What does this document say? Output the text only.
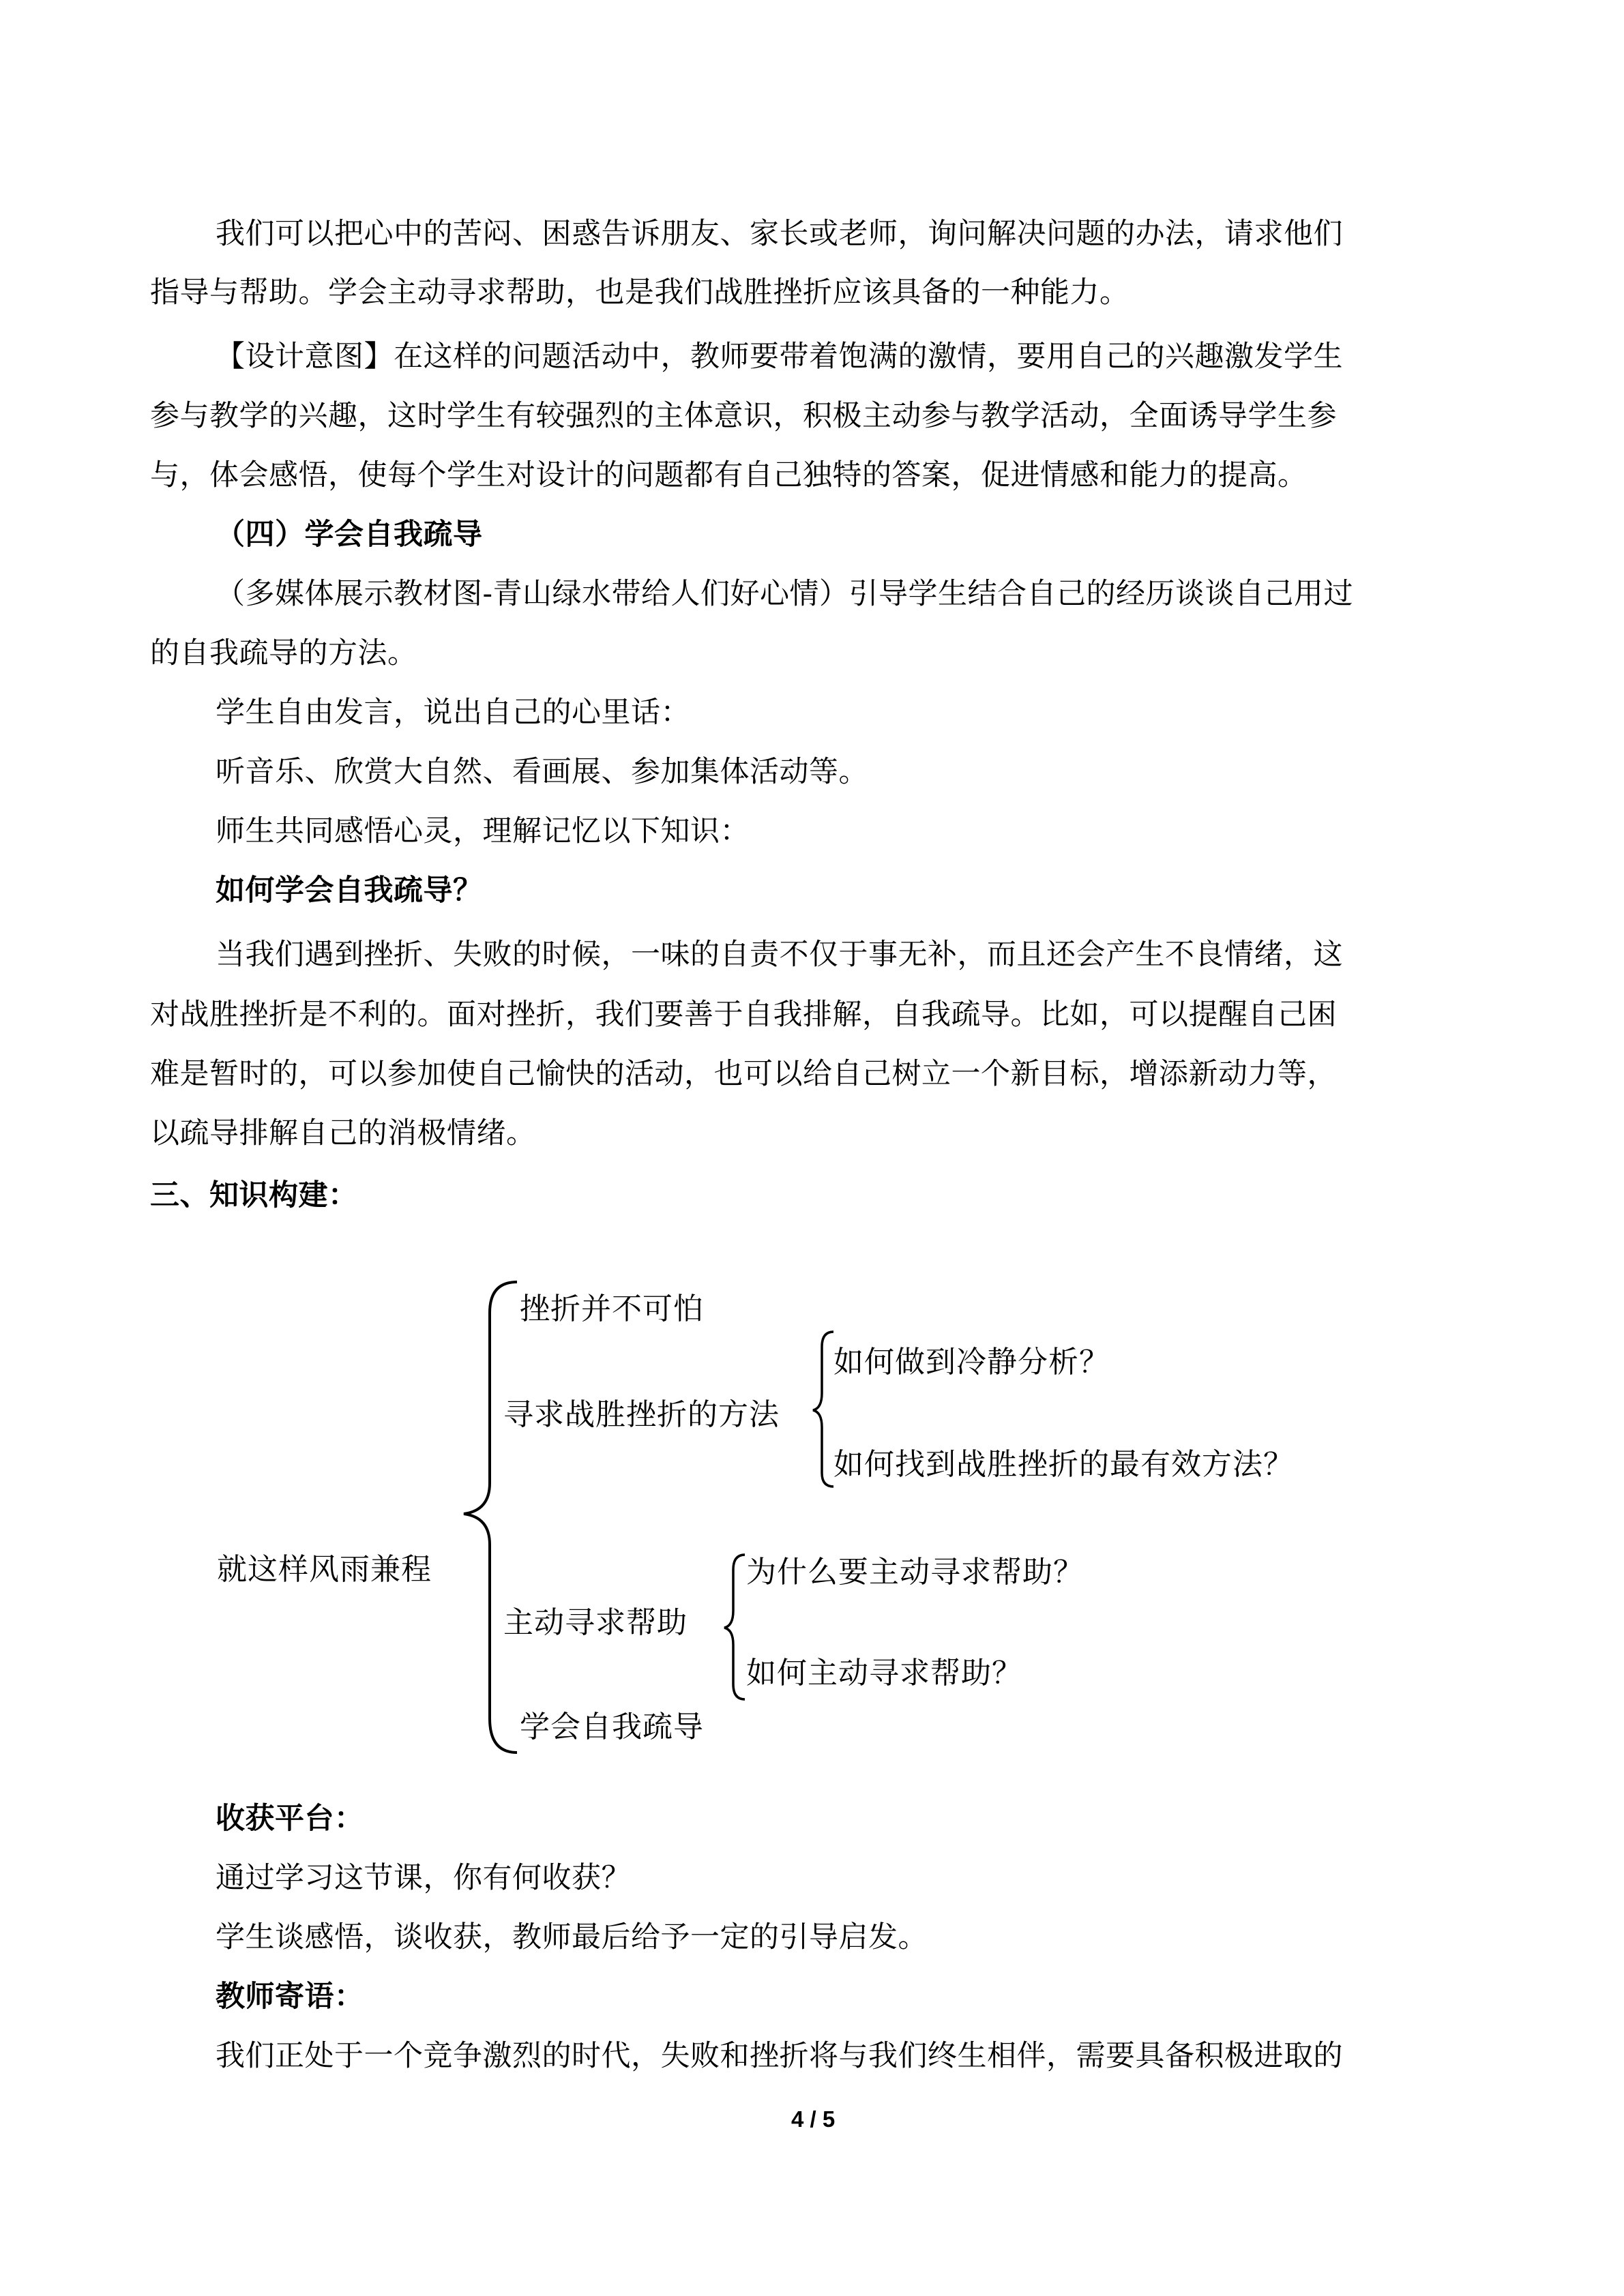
我们可以把心中的苦闷、困惑告诉朋友、家长或老师，询问解决问题的办法，请求他们
指导与帮助。学会主动寻求帮助，也是我们战胜挫折应该具备的一种能力。
【设计意图】在这样的问题活动中，教师要带着饱满的激情，要用自己的兴趣激发学生
参与教学的兴趣，这时学生有较强烈的主体意识，积极主动参与教学活动，全面诱导学生参
与，体会感悟，使每个学生对设计的问题都有自己独特的答案，促进情感和能力的提高。
（四）学会自我疏导
（多媒体展示教材图-青山绿水带给人们好心情）引导学生结合自己的经历谈谈自己用过
的自我疏导的方法。
学生自由发言，说出自己的心里话：
听音乐、欣赏大自然、看画展、参加集体活动等。
师生共同感悟心灵，理解记忆以下知识：
如何学会自我疏导？
当我们遇到挫折、失败的时候，一味的自责不仅于事无补，而且还会产生不良情绪，这
对战胜挫折是不利的。面对挫折，我们要善于自我排解，自我疏导。比如，可以提醒自己困
难是暂时的，可以参加使自己愉快的活动，也可以给自己树立一个新目标，增添新动力等，
以疏导排解自己的消极情绪。
三、知识构建：
就这样风雨兼程
挫折并不可怕
寻求战胜挫折的方法
如何做到冷静分析？
如何找到战胜挫折的最有效方法？
主动寻求帮助
为什么要主动寻求帮助？
如何主动寻求帮助？
学会自我疏导
收获平台：
通过学习这节课，你有何收获？
学生谈感悟，谈收获，教师最后给予一定的引导启发。
教师寄语：
我们正处于一个竞争激烈的时代，失败和挫折将与我们终生相伴，需要具备积极进取的
4 / 5
